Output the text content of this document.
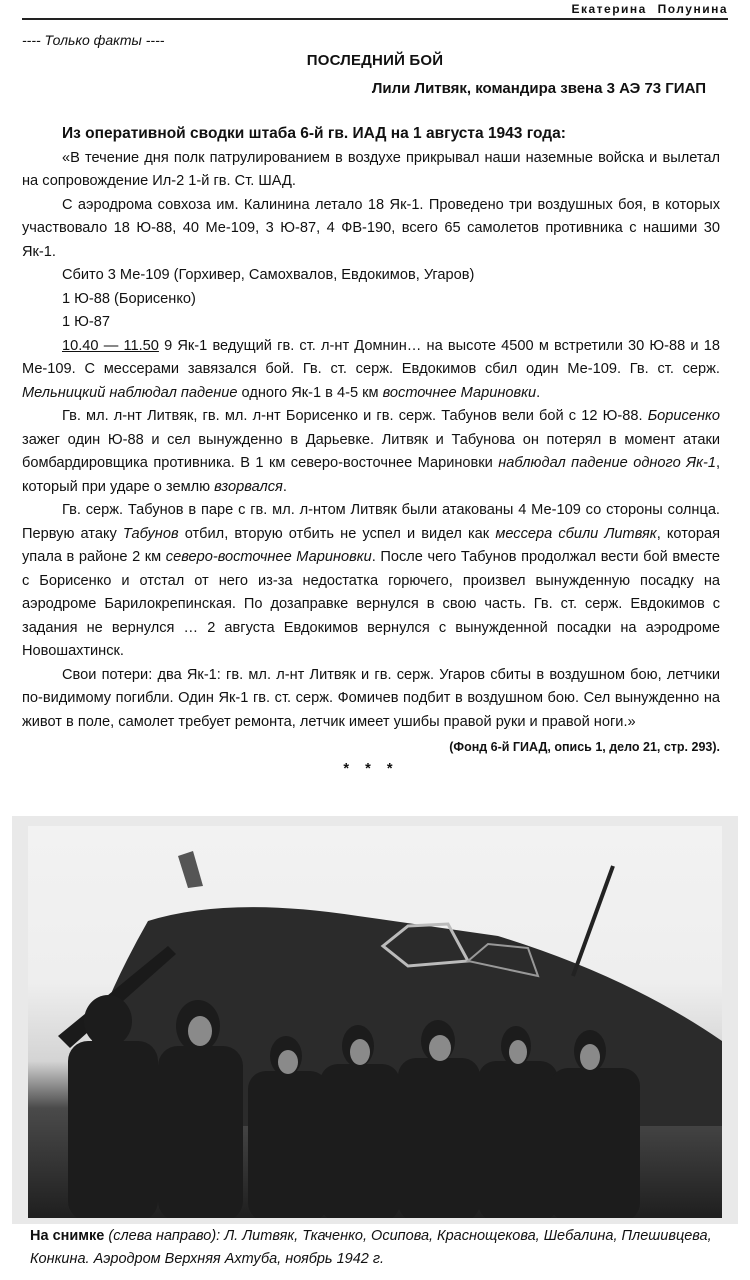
Екатерина Полунина
---- Только факты ----
ПОСЛЕДНИЙ БОЙ
Лили Литвяк, командира звена 3 АЭ 73 ГИАП

Из оперативной сводки штаба 6-й гв. ИАД на 1 августа 1943 года:

«В течение дня полк патрулированием в воздухе прикрывал наши наземные войска и вылетал на сопровождение Ил-2 1-й гв. Ст. ШАД.

С аэродрома совхоза им. Калинина летало 18 Як-1. Проведено три воздушных боя, в которых участвовало 18 Ю-88, 40 Ме-109, 3 Ю-87, 4 ФВ-190, всего 65 самолетов противника с нашими 30 Як-1.

Сбито 3 Ме-109 (Горхивер, Самохвалов, Евдокимов, Угаров)

1 Ю-88 (Борисенко)

1 Ю-87

10.40 — 11.50 9 Як-1 ведущий гв. ст. л-нт Домнин… на высоте 4500 м встретили 30 Ю-88 и 18 Ме-109. С мессерами завязался бой. Гв. ст. серж. Евдокимов сбил один Ме-109. Гв. ст. серж. Мельницкий наблюдал падение одного Як-1 в 4-5 км восточнее Мариновки.

Гв. мл. л-нт Литвяк, гв. мл. л-нт Борисенко и гв. серж. Табунов вели бой с 12 Ю-88. Борисенко зажег один Ю-88 и сел вынужденно в Дарьевке. Литвяк и Табунова он потерял в момент атаки бомбардировщика противника. В 1 км северо-восточнее Мариновки наблюдал падение одного Як-1, который при ударе о землю взорвался.

Гв. серж. Табунов в паре с гв. мл. л-нтом Литвяк были атакованы 4 Ме-109 со стороны солнца. Первую атаку Табунов отбил, вторую отбить не успел и видел как мессера сбили Литвяк, которая упала в районе 2 км северо-восточнее Мариновки. После чего Табунов продолжал вести бой вместе с Борисенко и отстал от него из-за недостатка горючего, произвел вынужденную посадку на аэродроме Барилокрепинская. По дозаправке вернулся в свою часть. Гв. ст. серж. Евдокимов с задания не вернулся … 2 августа Евдокимов вернулся с вынужденной посадки на аэродроме Новошахтинск.

Свои потери: два Як-1: гв. мл. л-нт Литвяк и гв. серж. Угаров сбиты в воздушном бою, летчики по-видимому погибли. Один Як-1 гв. ст. серж. Фомичев подбит в воздушном бою. Сел вынужденно на живот в поле, самолет требует ремонта, летчик имеет ушибы правой руки и правой ноги.»

(Фонд 6-й ГИАД, опись 1, дело 21, стр. 293).

* * *

На снимке (слева направо): Л. Литвяк, Ткаченко, Осипова, Краснощекова, Шебалина, Плешивцева, Конкина. Аэродром Верхняя Ахтуба, ноябрь 1942 г.
